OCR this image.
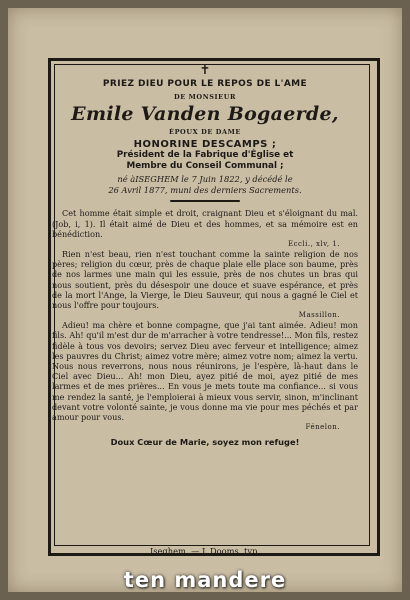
✝
PRIEZ DIEU POUR LE REPOS DE L'AME
DE MONSIEUR
Emile Vanden Bogaerde,
ÉPOUX DE DAME
HONORINE DESCAMPS ;
Président de la Fabrique d'Église et
Membre du Conseil Communal ;
né àISEGHEM le 7 Juin 1822, y décédé le
26 Avril 1877, muni des derniers Sacrements.

Cet homme était simple et droit, craignant Dieu et s'éloignant du mal. (Job, i, 1). Il était aimé de Dieu et des hommes, et sa mémoire est en bénédiction.

Eccli., xlv, 1.

Rien n'est beau, rien n'est touchant comme la sainte religion de nos pères; religion du cœur, près de chaque plaie elle place son baume, près de nos larmes une main qui les essuie, près de nos chutes un bras qui nous soutient, près du désespoir une douce et suave espérance, et près de la mort l'Ange, la Vierge, le Dieu Sauveur, qui nous a gagné le Ciel et nous l'offre pour toujours.

Massillon.

Adieu! ma chère et bonne compagne, que j'ai tant aimée. Adieu! mon fils. Ah! qu'il m'est dur de m'arracher à votre tendresse!... Mon fils, restez fidèle à tous vos devoirs; servez Dieu avec ferveur et intelligence; aimez les pauvres du Christ; aimez votre mère; aimez votre nom; aimez la vertu. Nous nous reverrons, nous nous réunirons, je l'espère, là-haut dans le Ciel avec Dieu... Ah! mon Dieu, ayez pitié de moi, ayez pitié de mes larmes et de mes prières... En vous je mets toute ma confiance... si vous me rendez la santé, je l'emploierai à mieux vous servir, sinon, m'inclinant devant votre volonté sainte, je vous donne ma vie pour mes péchés et par amour pour vous.

Fénelon.
Doux Cœur de Marie, soyez mon refuge!
Iseghem. — J. Dooms, typ.
ten mandere
